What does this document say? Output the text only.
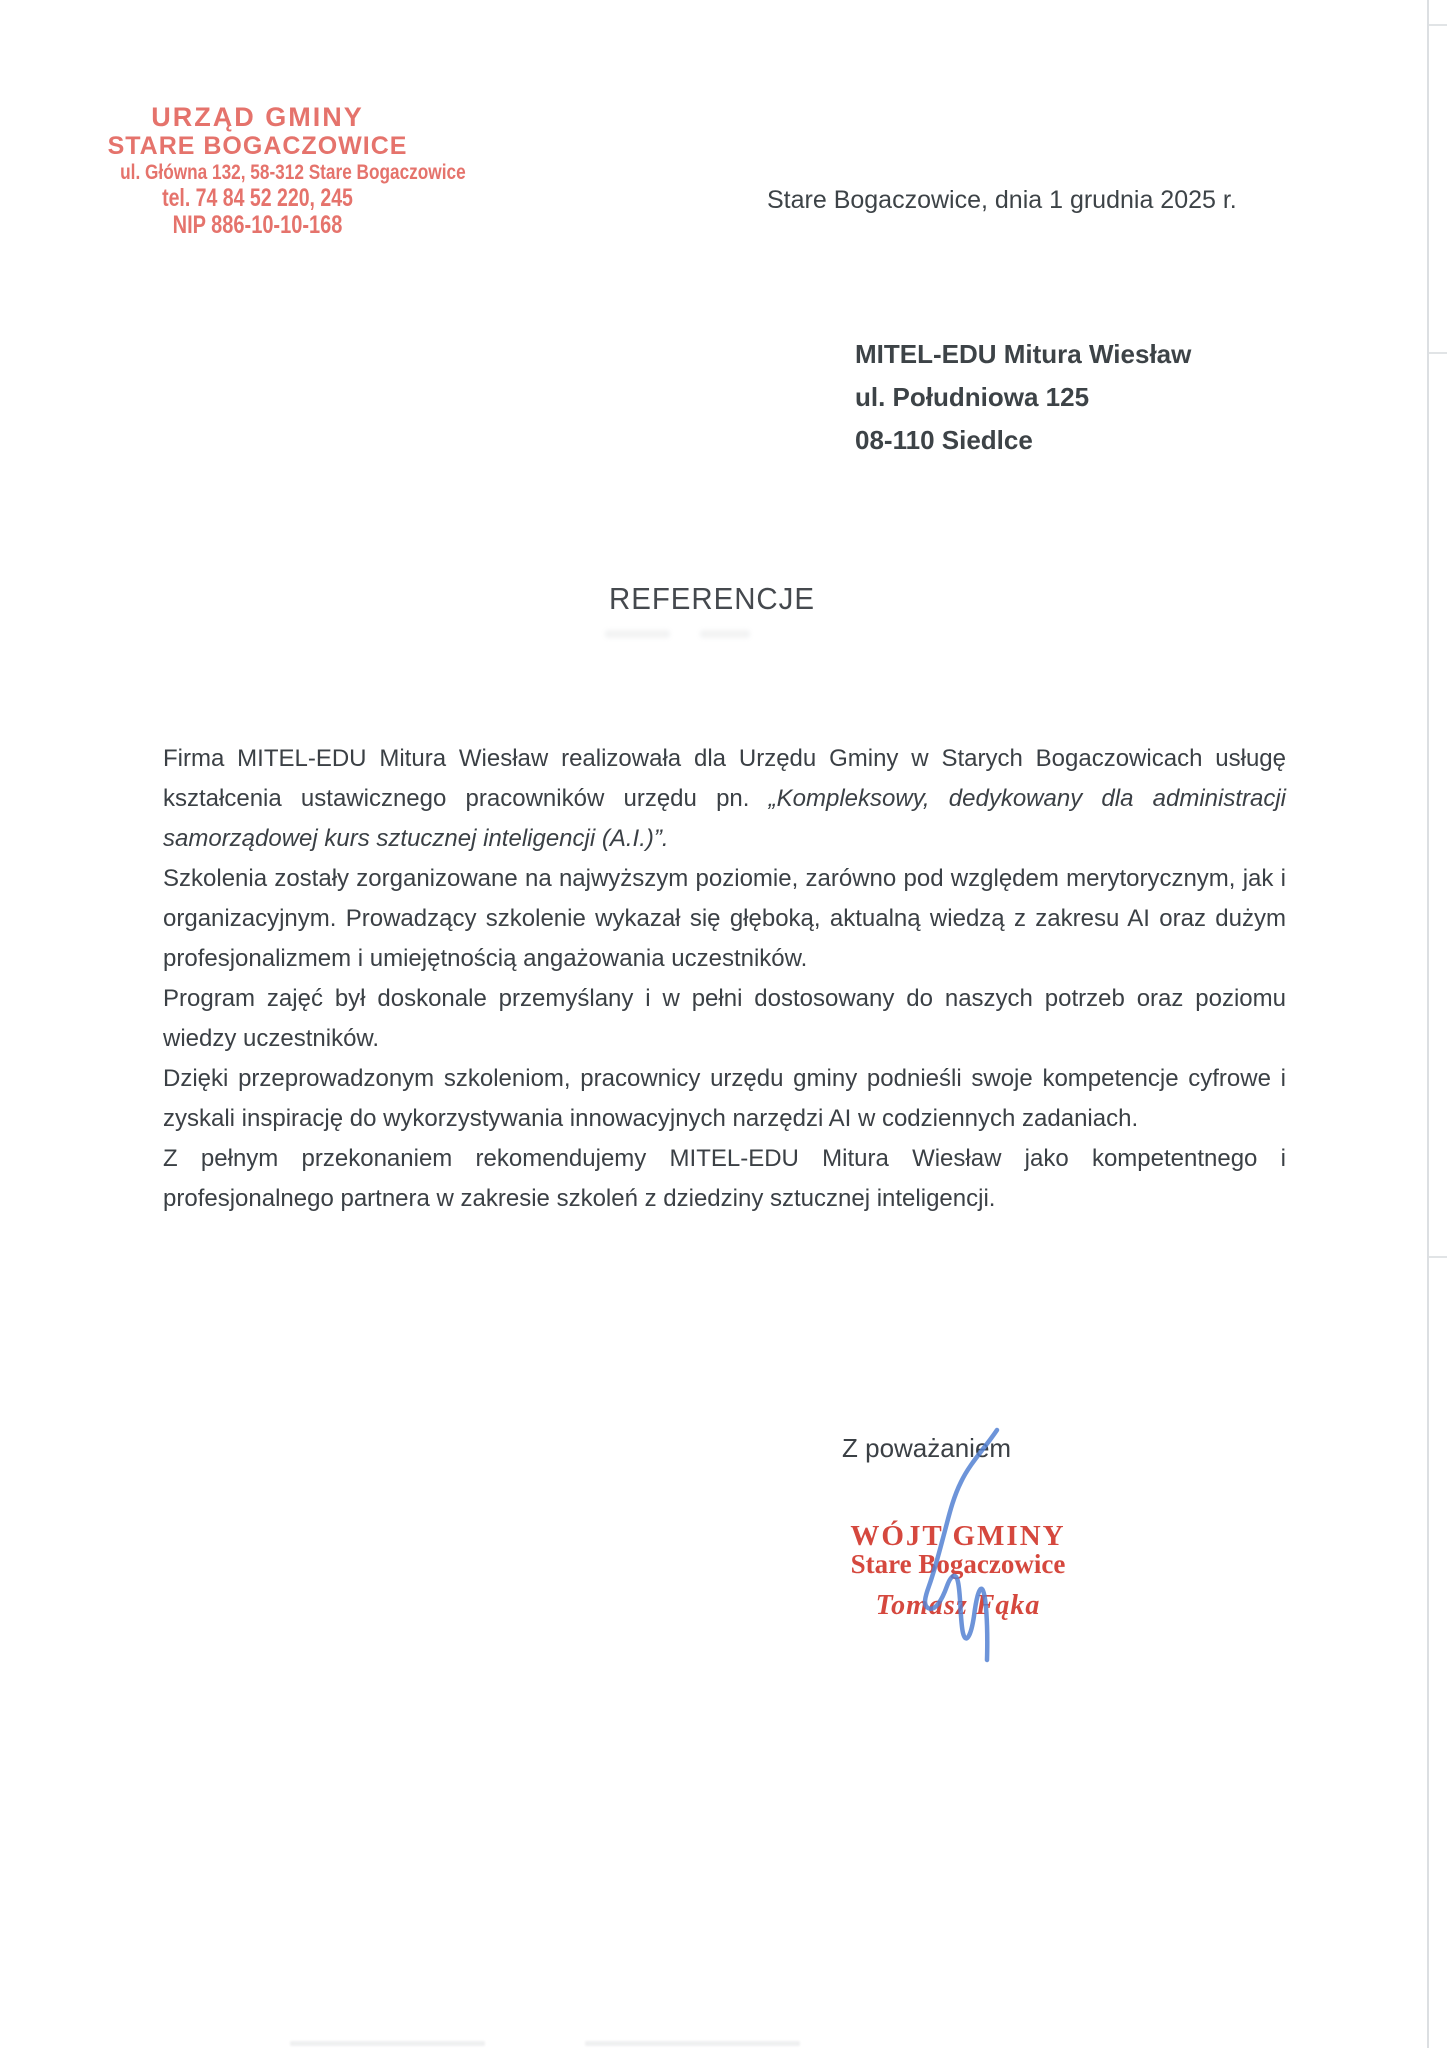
URZĄD GMINY
STARE BOGACZOWICE
ul. Główna 132, 58-312 Stare Bogaczowice
tel. 74 84 52 220, 245
NIP 886-10-10-168
Stare Bogaczowice, dnia 1 grudnia 2025 r.
MITEL-EDU Mitura Wiesław
ul. Południowa 125
08-110 Siedlce
REFERENCJE

Firma MITEL-EDU Mitura Wiesław realizowała dla Urzędu Gminy w Starych Bogaczowicach usługę kształcenia ustawicznego pracowników urzędu pn. „Kompleksowy, dedykowany dla administracji samorządowej kurs sztucznej inteligencji (A.I.)”.

Szkolenia zostały zorganizowane na najwyższym poziomie, zarówno pod względem merytorycznym, jak i organizacyjnym. Prowadzący szkolenie wykazał się głęboką, aktualną wiedzą z zakresu AI oraz dużym profesjonalizmem i umiejętnością angażowania uczestników.

Program zajęć był doskonale przemyślany i w pełni dostosowany do naszych potrzeb oraz poziomu wiedzy uczestników.

Dzięki przeprowadzonym szkoleniom, pracownicy urzędu gminy podnieśli swoje kompetencje cyfrowe i zyskali inspirację do wykorzystywania innowacyjnych narzędzi AI w codziennych zadaniach.

Z pełnym przekonaniem rekomendujemy MITEL-EDU Mitura Wiesław jako kompetentnego i profesjonalnego partnera w zakresie szkoleń z dziedziny sztucznej inteligencji.

Z poważaniem
WÓJT GMINY
Stare Bogaczowice
Tomasz Fąka
